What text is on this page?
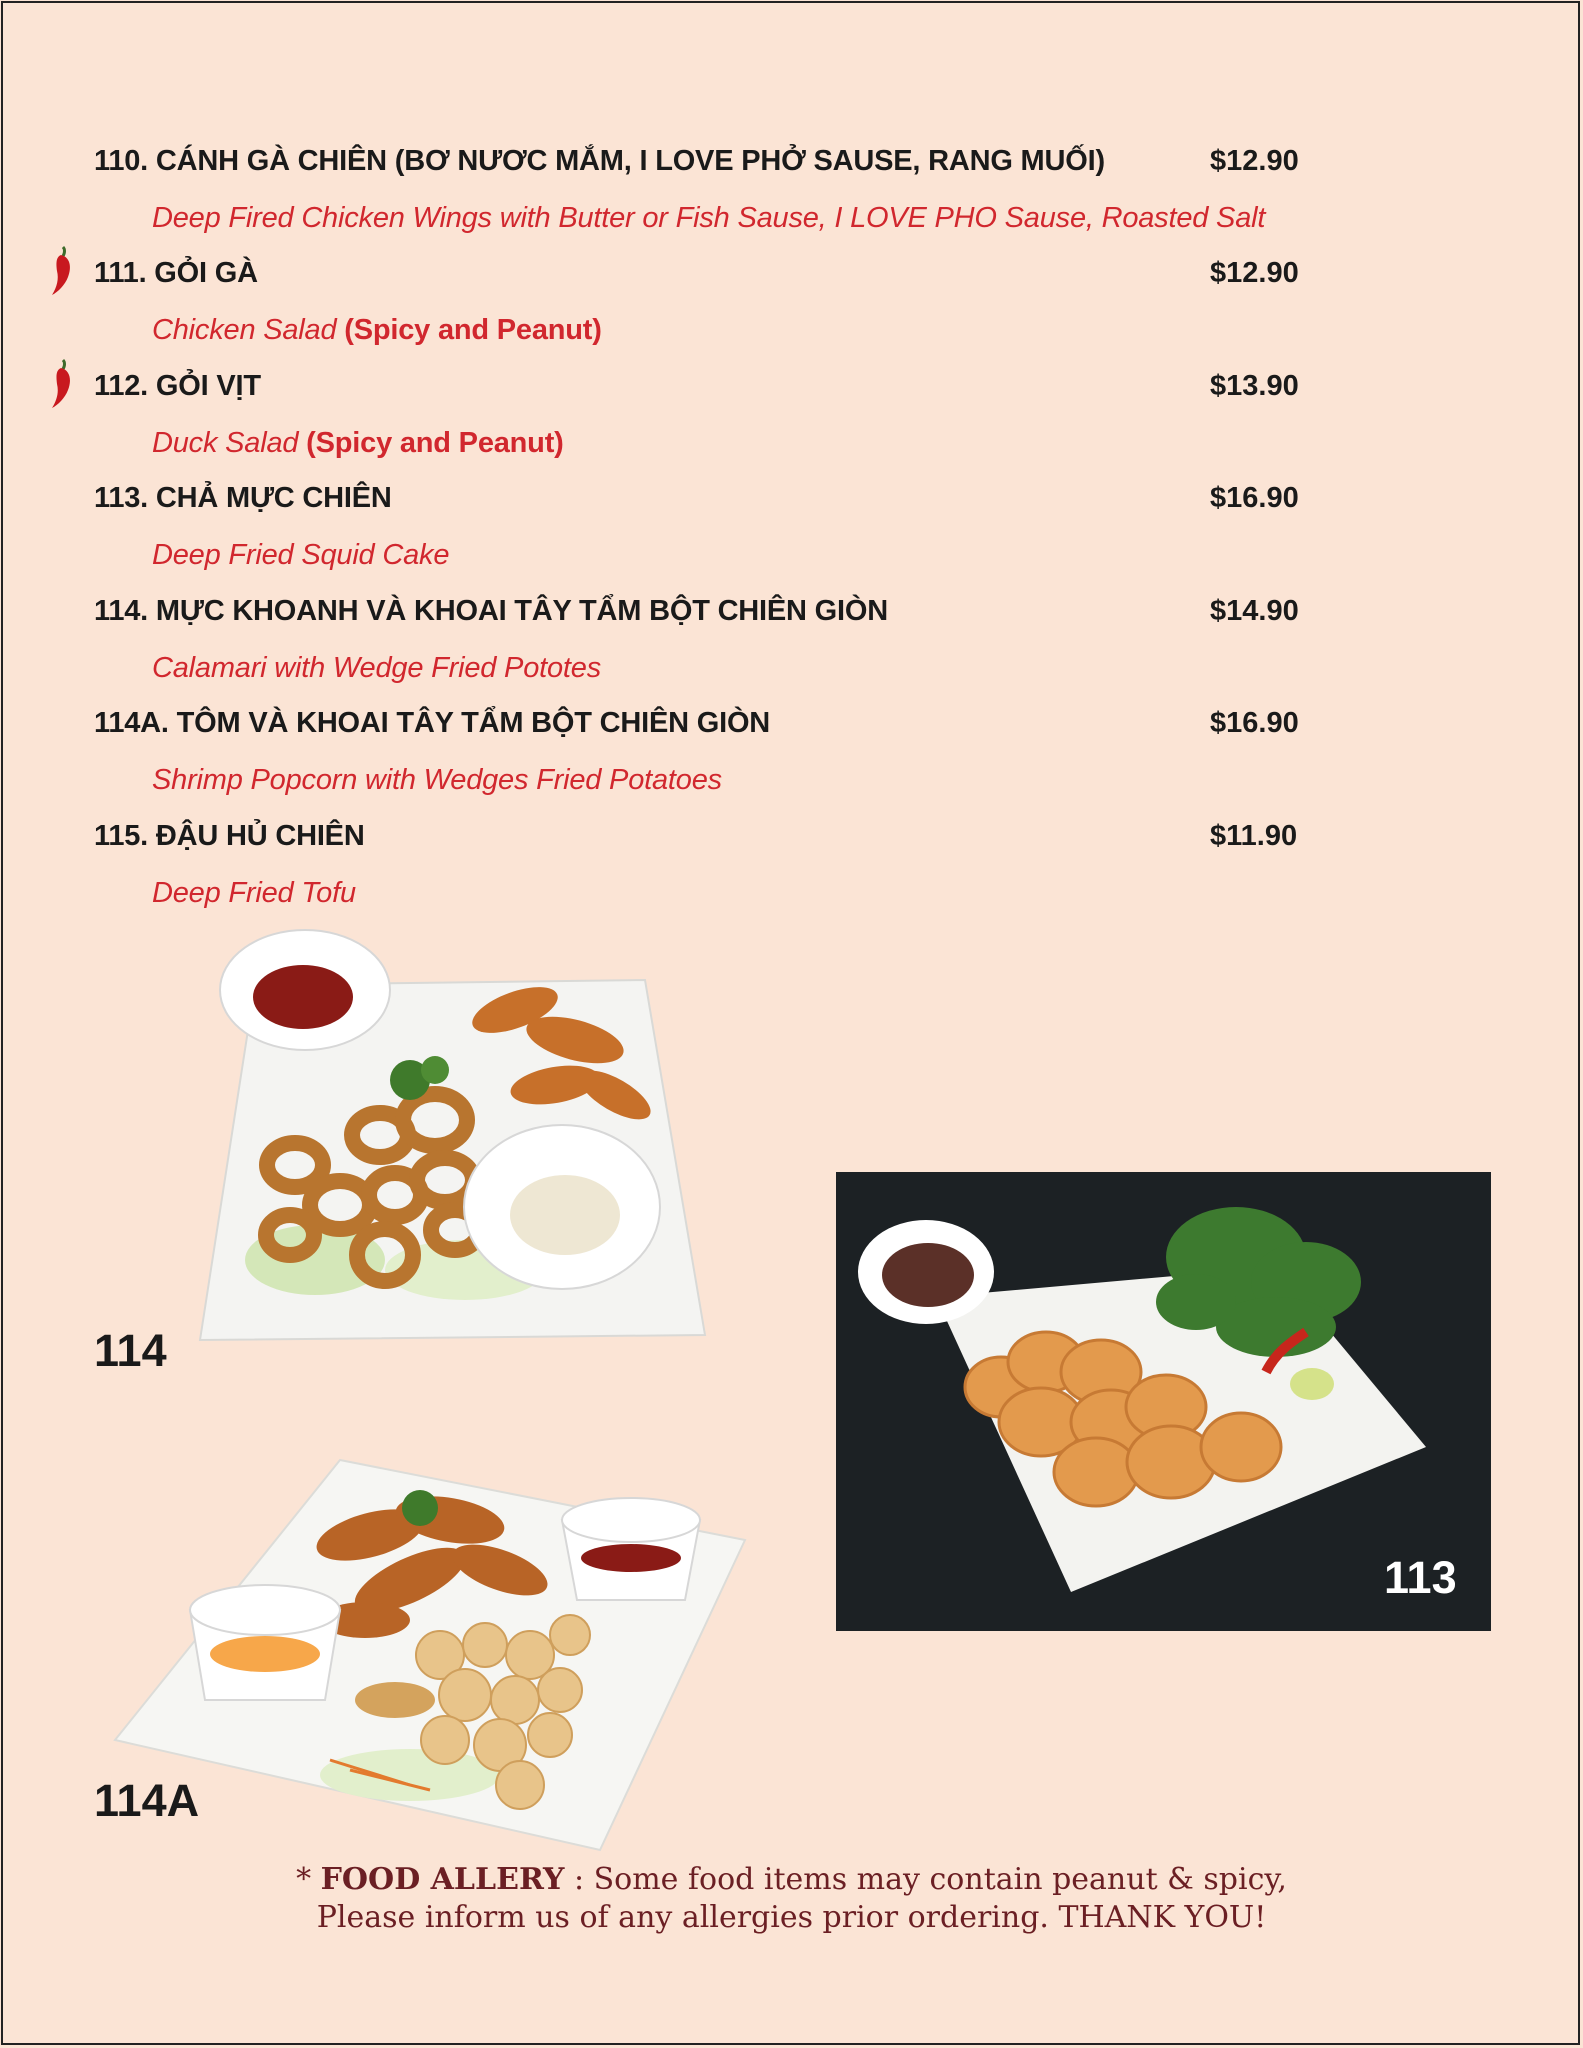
110. CÁNH GÀ CHIÊN (BƠ NƯƠC MẮM, I LOVE PHỞ SAUSE, RANG MUỐI)	$12.90
Deep Fired Chicken Wings with Butter or Fish Sause, I LOVE PHO Sause, Roasted Salt
111. GỎI GÀ	$12.90
Chicken Salad (Spicy and Peanut)
112. GỎI VỊT	$13.90
Duck Salad (Spicy and Peanut)
113. CHẢ MỰC CHIÊN	$16.90
Deep Fried Squid Cake
114. MỰC KHOANH VÀ KHOAI TÂY TẨM BỘT CHIÊN GIÒN	$14.90
Calamari with Wedge Fried Pototes
114A. TÔM VÀ KHOAI TÂY TẨM BỘT CHIÊN GIÒN	$16.90
Shrimp Popcorn with Wedges Fried Potatoes
115. ĐẬU HỦ CHIÊN	$11.90
Deep Fried Tofu
114
113
114A
* FOOD ALLERY : Some food items may contain peanut & spicy,
Please inform us of any allergies prior ordering. THANK YOU!
